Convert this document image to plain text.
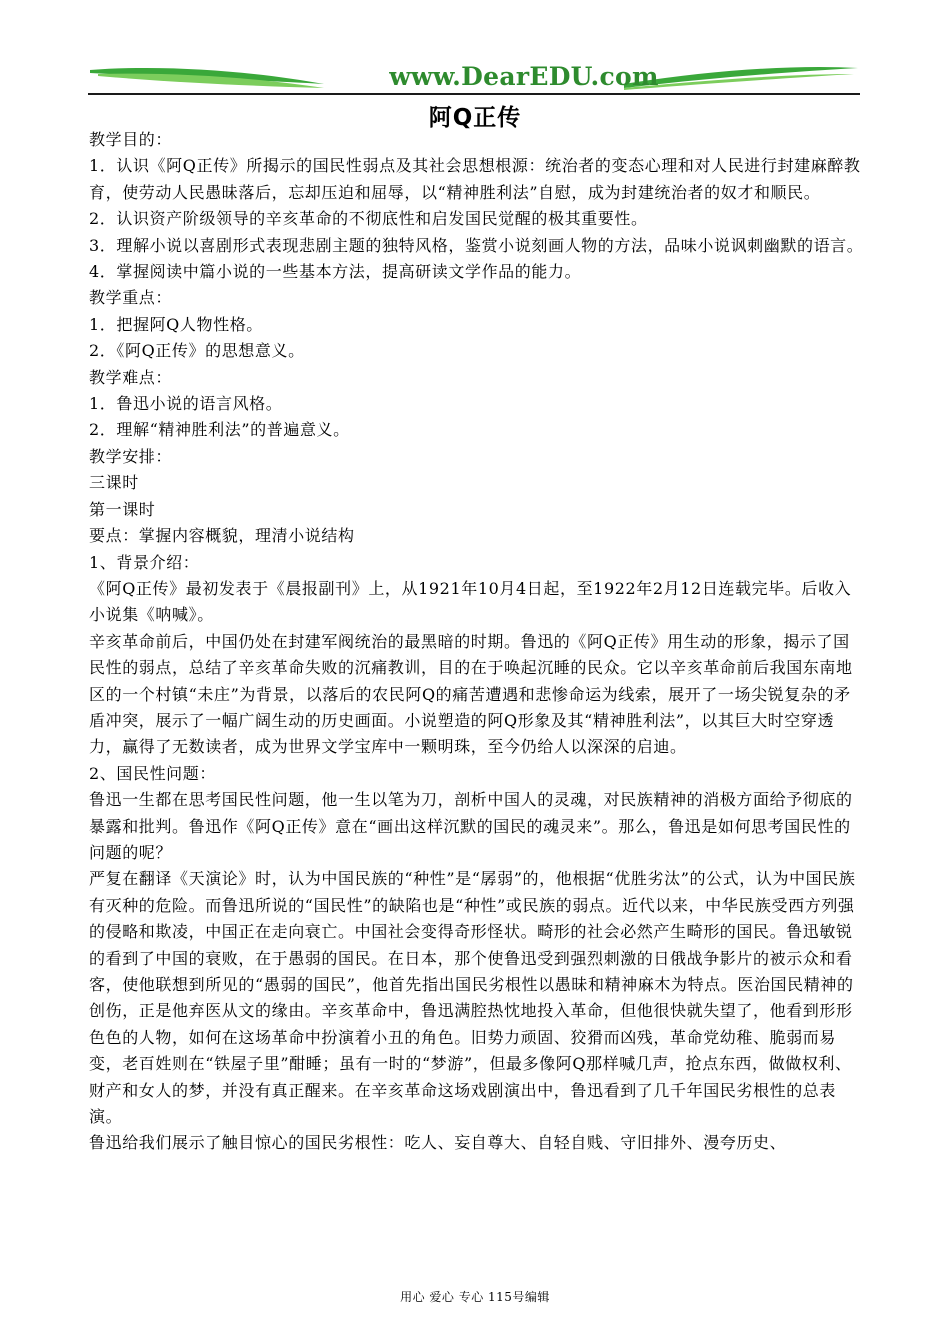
www.DearEDU.com
阿Q正传

教学目的：

1．认识《阿Q正传》所揭示的国民性弱点及其社会思想根源：统治者的变态心理和对人民进行封建麻醉教育，使劳动人民愚昧落后，忘却压迫和屈辱，以“精神胜利法”自慰，成为封建统治者的奴才和顺民。

2．认识资产阶级领导的辛亥革命的不彻底性和启发国民觉醒的极其重要性。

3．理解小说以喜剧形式表现悲剧主题的独特风格，鉴赏小说刻画人物的方法，品味小说讽刺幽默的语言。

4．掌握阅读中篇小说的一些基本方法，提高研读文学作品的能力。

教学重点：

1．把握阿Q人物性格。

2．《阿Q正传》的思想意义。

教学难点：

1．鲁迅小说的语言风格。

2．理解“精神胜利法”的普遍意义。

教学安排：

三课时

第一课时

要点：掌握内容概貌，理清小说结构

1、背景介绍：

《阿Q正传》最初发表于《晨报副刊》上，从1921年10月4日起，至1922年2月12日连载完毕。后收入小说集《呐喊》。

辛亥革命前后，中国仍处在封建军阀统治的最黑暗的时期。鲁迅的《阿Q正传》用生动的形象，揭示了国民性的弱点，总结了辛亥革命失败的沉痛教训，目的在于唤起沉睡的民众。它以辛亥革命前后我国东南地区的一个村镇“未庄”为背景，以落后的农民阿Q的痛苦遭遇和悲惨命运为线索，展开了一场尖锐复杂的矛盾冲突，展示了一幅广阔生动的历史画面。小说塑造的阿Q形象及其“精神胜利法”，以其巨大时空穿透力，赢得了无数读者，成为世界文学宝库中一颗明珠，至今仍给人以深深的启迪。

2、国民性问题：

鲁迅一生都在思考国民性问题，他一生以笔为刀，剖析中国人的灵魂，对民族精神的消极方面给予彻底的暴露和批判。鲁迅作《阿Q正传》意在“画出这样沉默的国民的魂灵来”。那么，鲁迅是如何思考国民性的问题的呢？

严复在翻译《天演论》时，认为中国民族的“种性”是“孱弱”的，他根据“优胜劣汰”的公式，认为中国民族有灭种的危险。而鲁迅所说的“国民性”的缺陷也是“种性”或民族的弱点。近代以来，中华民族受西方列强的侵略和欺凌，中国正在走向衰亡。中国社会变得奇形怪状。畸形的社会必然产生畸形的国民。鲁迅敏锐的看到了中国的衰败，在于愚弱的国民。在日本，那个使鲁迅受到强烈刺激的日俄战争影片的被示众和看客，使他联想到所见的“愚弱的国民”，他首先指出国民劣根性以愚昧和精神麻木为特点。医治国民精神的创伤，正是他弃医从文的缘由。辛亥革命中，鲁迅满腔热忱地投入革命，但他很快就失望了，他看到形形色色的人物，如何在这场革命中扮演着小丑的角色。旧势力顽固、狡猾而凶残，革命党幼稚、脆弱而易变，老百姓则在“铁屋子里”酣睡；虽有一时的“梦游”，但最多像阿Q那样喊几声，抢点东西，做做权利、财产和女人的梦，并没有真正醒来。在辛亥革命这场戏剧演出中，鲁迅看到了几千年国民劣根性的总表演。

鲁迅给我们展示了触目惊心的国民劣根性：吃人、妄自尊大、自轻自贱、守旧排外、漫夸历史、

用心 爱心 专心 115号编辑
